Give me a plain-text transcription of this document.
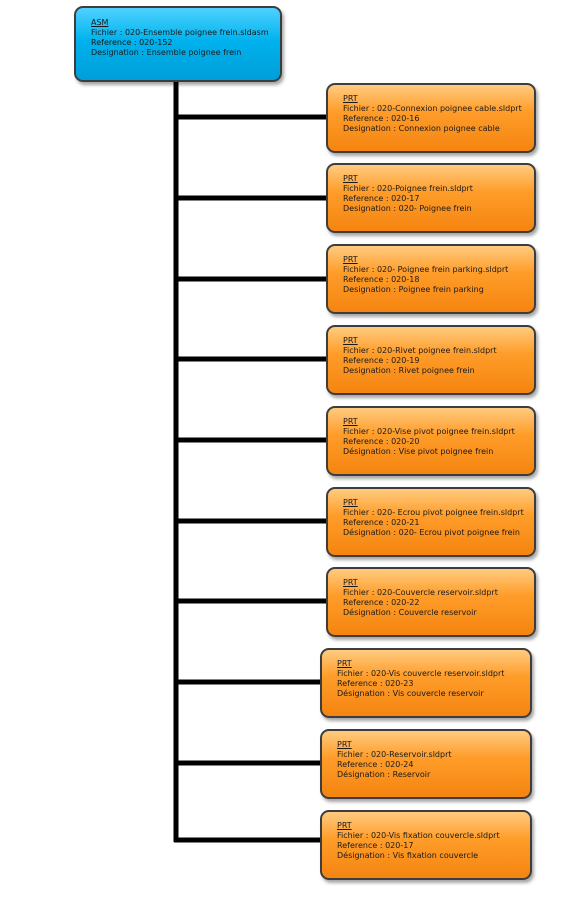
ASM
Fichier : 020-Ensemble poignee frein.sldasm
Reference : 020-152
Designation : Ensemble poignee frein
PRT
Fichier : 020-Connexion poignee cable.sldprt
Reference : 020-16
Designation : Connexion poignee cable
PRT
Fichier : 020-Poignee frein.sldprt
Reference : 020-17
Designation : 020- Poignee frein
PRT
Fichier : 020- Poignee frein parking.sldprt
Reference : 020-18
Designation : Poignee frein parking
PRT
Fichier : 020-Rivet poignee frein.sldprt
Reference : 020-19
Designation : Rivet poignee frein
PRT
Fichier : 020-Vise pivot poignee frein.sldprt
Reference : 020-20
Désignation : Vise pivot poignee frein
PRT
Fichier : 020- Ecrou pivot poignee frein.sldprt
Reference : 020-21
Désignation : 020- Ecrou pivot poignee frein
PRT
Fichier : 020-Couvercle reservoir.sldprt
Reference : 020-22
Désignation : Couvercle reservoir
PRT
Fichier : 020-Vis couvercle reservoir.sldprt
Reference : 020-23
Désignation : Vis couvercle reservoir
PRT
Fichier : 020-Reservoir.sldprt
Reference : 020-24
Désignation : Reservoir
PRT
Fichier : 020-Vis fixation couvercle.sldprt
Reference : 020-17
Désignation : Vis fixation couvercle
